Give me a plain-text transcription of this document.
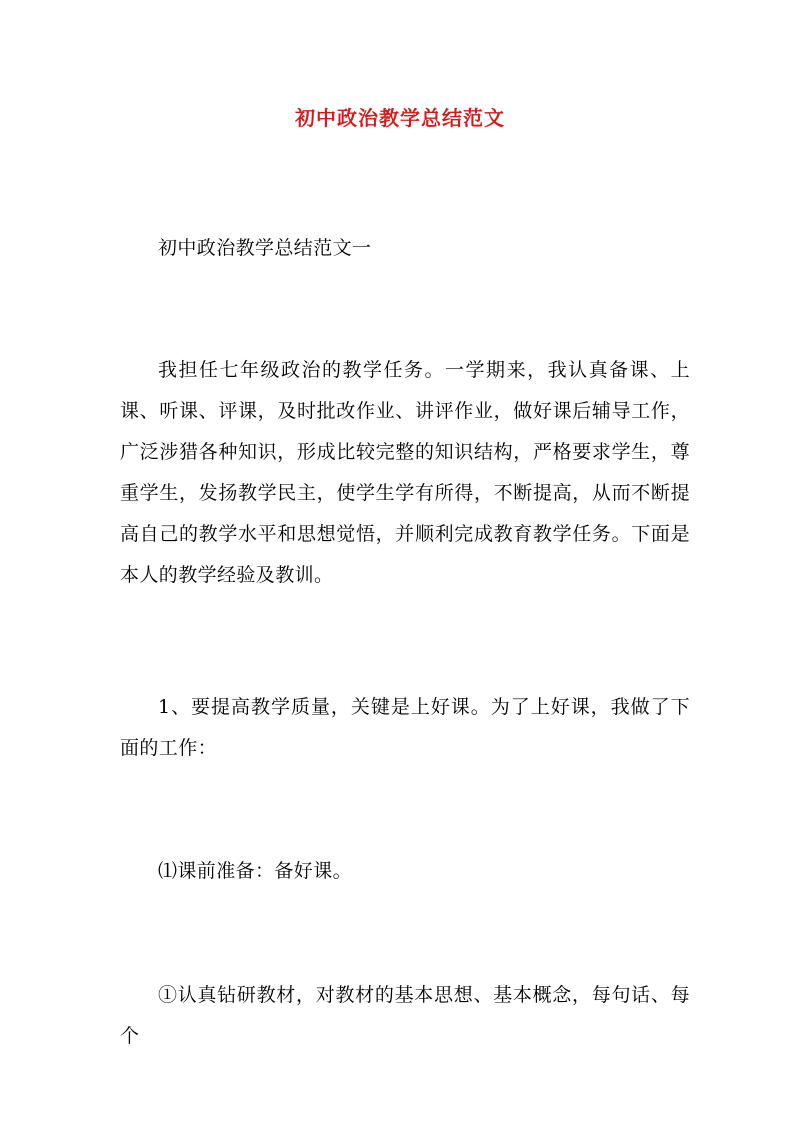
初中政治教学总结范文

初中政治教学总结范文一

我担任七年级政治的教学任务。一学期来，我认真备课、上课、听课、评课，及时批改作业、讲评作业，做好课后辅导工作，广泛涉猎各种知识，形成比较完整的知识结构，严格要求学生，尊重学生，发扬教学民主，使学生学有所得，不断提高，从而不断提高自己的教学水平和思想觉悟，并顺利完成教育教学任务。下面是本人的教学经验及教训。

1、要提高教学质量，关键是上好课。为了上好课，我做了下面的工作：

⑴课前准备：备好课。

①认真钻研教材，对教材的基本思想、基本概念，每句话、每个
